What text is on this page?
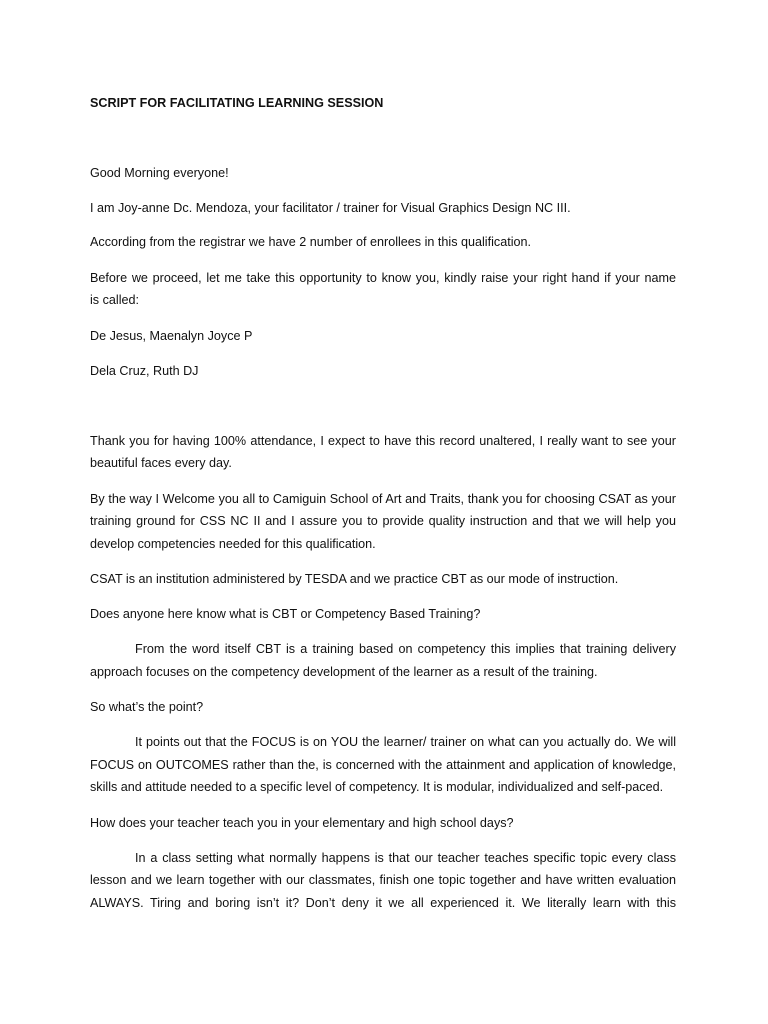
SCRIPT FOR FACILITATING LEARNING SESSION
Good Morning everyone!
I am Joy-anne Dc. Mendoza, your facilitator / trainer for Visual Graphics Design NC III.
According from the registrar we have 2 number of enrollees in this qualification.
Before we proceed, let me take this opportunity to know you, kindly raise your right hand if your name
is called:
De Jesus, Maenalyn Joyce P
Dela Cruz, Ruth DJ
Thank you for having 100% attendance, I expect to have this record unaltered, I really want to see your
beautiful faces every day.
By the way I Welcome you all to Camiguin School of Art and Traits, thank you for choosing CSAT as your
training ground for CSS NC II and I assure you to provide quality instruction and that we will help you
develop competencies needed for this qualification.
CSAT is an institution administered by TESDA and we practice CBT as our mode of instruction.
Does anyone here know what is CBT or Competency Based Training?
From the word itself CBT is a training based on competency this implies that training delivery
approach focuses on the competency development of the learner as a result of the training.
So what’s the point?
It points out that the FOCUS is on YOU the learner/ trainer on what can you actually do. We will
FOCUS on OUTCOMES rather than the, is concerned with the attainment and application of knowledge,
skills and attitude needed to a specific level of competency. It is modular, individualized and self-paced.
How does your teacher teach you in your elementary and high school days?
In a class setting what normally happens is that our teacher teaches specific topic every class
lesson and we learn together with our classmates, finish one topic together and have written evaluation
ALWAYS. Tiring and boring isn’t it? Don’t deny it we all experienced it. We literally learn with this
